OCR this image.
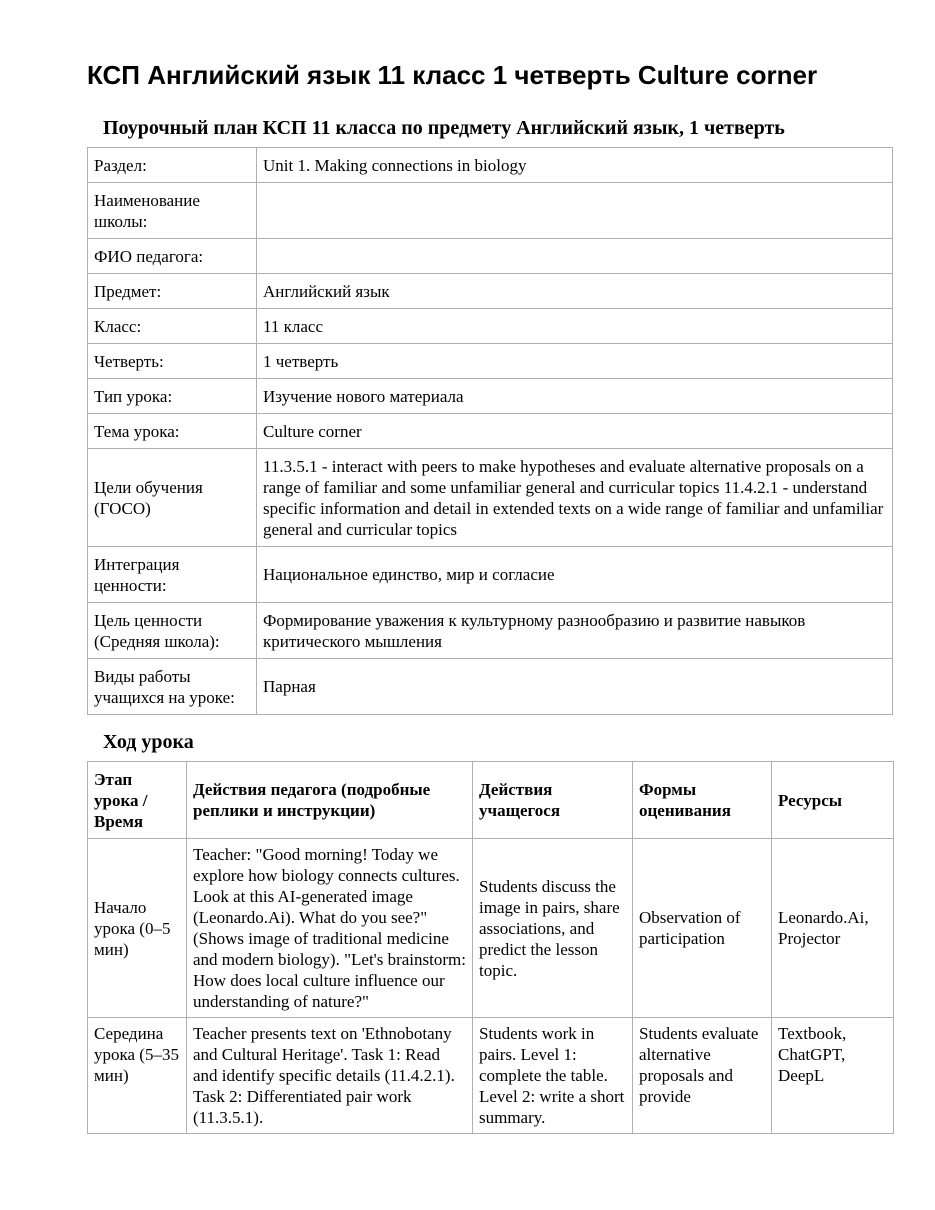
КСП Английский язык 11 класс 1 четверть Culture corner
Поурочный план КСП 11 класса по предмету Английский язык, 1 четверть
Раздел:	Unit 1. Making connections in biology
Наименование школы:	
ФИО педагога:	
Предмет:	Английский язык
Класс:	11 класс
Четверть:	1 четверть
Тип урока:	Изучение нового материала
Тема урока:	Culture corner
Цели обучения (ГОСО)	11.3.5.1 - interact with peers to make hypotheses and evaluate alternative proposals on a range of familiar and some unfamiliar general and curricular topics 11.4.2.1 - understand specific information and detail in extended texts on a wide range of familiar and unfamiliar general and curricular topics
Интеграция ценности:	Национальное единство, мир и согласие
Цель ценности (Средняя школа):	Формирование уважения к культурному разнообразию и развитие навыков критического мышления
Виды работы учащихся на уроке:	Парная
Ход урока
Этап урока / Время	Действия педагога (подробные реплики и инструкции)	Действия учащегося	Формы оценивания	Ресурсы
Начало урока (0–5 мин)	Teacher: "Good morning! Today we explore how biology connects cultures. Look at this AI-generated image (Leonardo.Ai). What do you see?" (Shows image of traditional medicine and modern biology). "Let's brainstorm: How does local culture influence our understanding of nature?"	Students discuss the image in pairs, share associations, and predict the lesson topic.	Observation of participation	Leonardo.Ai, Projector
Середина урока (5–35 мин)	Teacher presents text on 'Ethnobotany and Cultural Heritage'. Task 1: Read and identify specific details (11.4.2.1). Task 2: Differentiated pair work (11.3.5.1).	Students work in pairs. Level 1: complete the table. Level 2: write a short summary.	Students evaluate alternative proposals and provide	Textbook, ChatGPT, DeepL
